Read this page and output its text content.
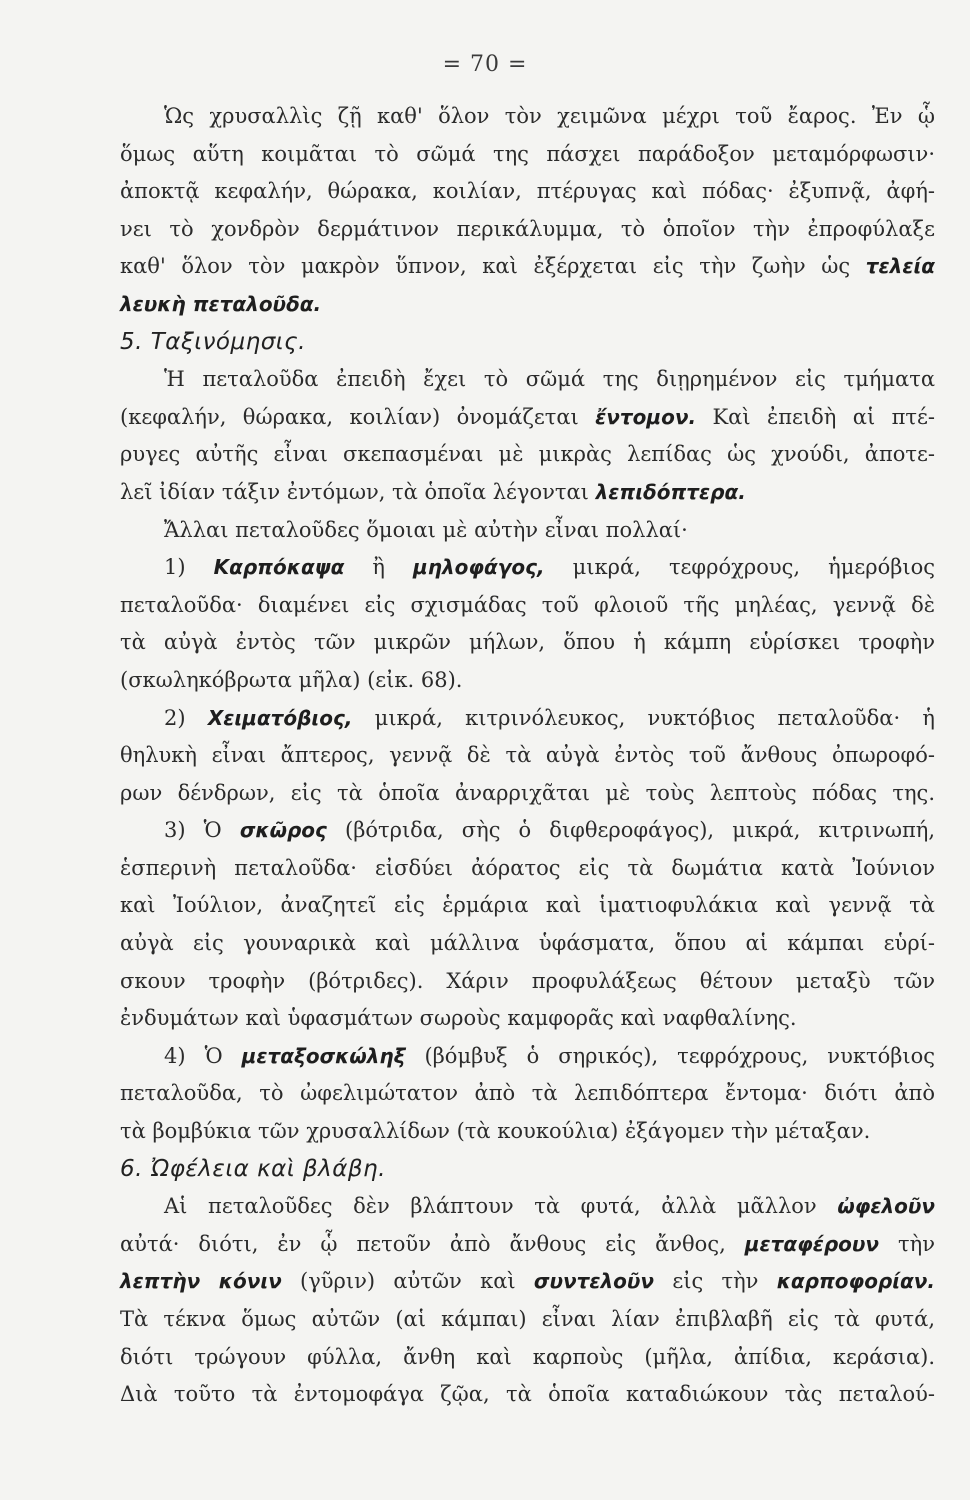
= 70 =
Ὡς χρυσαλλὶς ζῇ καθ' ὅλον τὸν χειμῶνα μέχρι τοῦ ἔαρος. Ἐν ᾧ
ὅμως αὕτη κοιμᾶται τὸ σῶμά της πάσχει παράδοξον μεταμόρφωσιν·
ἀποκτᾷ κεφαλήν, θώρακα, κοιλίαν, πτέρυγας καὶ πόδας· ἐξυπνᾷ, ἀφή-
νει τὸ χονδρὸν δερμάτινον περικάλυμμα, τὸ ὁποῖον τὴν ἐπροφύλαξε
καθ' ὅλον τὸν μακρὸν ὕπνον, καὶ ἐξέρχεται εἰς τὴν ζωὴν ὡς τελεία
λευκὴ πεταλοῦδα.
5. Ταξινόμησις.
Ἡ πεταλοῦδα ἐπειδὴ ἔχει τὸ σῶμά της διῃρημένον εἰς τμήματα
(κεφαλήν, θώρακα, κοιλίαν) ὀνομάζεται ἔντομον. Καὶ ἐπειδὴ αἱ πτέ-
ρυγες αὐτῆς εἶναι σκεπασμέναι μὲ μικρὰς λεπίδας ὡς χνούδι, ἀποτε-
λεῖ ἰδίαν τάξιν ἐντόμων, τὰ ὁποῖα λέγονται λεπιδόπτερα.
Ἄλλαι πεταλοῦδες ὅμοιαι μὲ αὐτὴν εἶναι πολλαί·
1) Καρπόκαψα ἢ μηλοφάγος, μικρά, τεφρόχρους, ἡμερόβιος
πεταλοῦδα· διαμένει εἰς σχισμάδας τοῦ φλοιοῦ τῆς μηλέας, γεννᾷ δὲ
τὰ αὐγὰ ἐντὸς τῶν μικρῶν μήλων, ὅπου ἡ κάμπη εὑρίσκει τροφὴν
(σκωληκόβρωτα μῆλα) (εἰκ. 68).
2) Χειματόβιος, μικρά, κιτρινόλευκος, νυκτόβιος πεταλοῦδα· ἡ
θηλυκὴ εἶναι ἄπτερος, γεννᾷ δὲ τὰ αὐγὰ ἐντὸς τοῦ ἄνθους ὀπωροφό-
ρων δένδρων, εἰς τὰ ὁποῖα ἀναρριχᾶται μὲ τοὺς λεπτοὺς πόδας της.
3) Ὁ σκῶρος (βότριδα, σὴς ὁ διφθεροφάγος), μικρά, κιτρινωπή,
ἑσπερινὴ πεταλοῦδα· εἰσδύει ἀόρατος εἰς τὰ δωμάτια κατὰ Ἰούνιον
καὶ Ἰούλιον, ἀναζητεῖ εἰς ἑρμάρια καὶ ἱματιοφυλάκια καὶ γεννᾷ τὰ
αὐγὰ εἰς γουναρικὰ καὶ μάλλινα ὑφάσματα, ὅπου αἱ κάμπαι εὑρί-
σκουν τροφὴν (βότριδες). Χάριν προφυλάξεως θέτουν μεταξὺ τῶν
ἐνδυμάτων καὶ ὑφασμάτων σωροὺς καμφορᾶς καὶ ναφθαλίνης.
4) Ὁ μεταξοσκώληξ (βόμβυξ ὁ σηρικός), τεφρόχρους, νυκτόβιος
πεταλοῦδα, τὸ ὠφελιμώτατον ἀπὸ τὰ λεπιδόπτερα ἔντομα· διότι ἀπὸ
τὰ βομβύκια τῶν χρυσαλλίδων (τὰ κουκούλια) ἐξάγομεν τὴν μέταξαν.
6. Ὠφέλεια καὶ βλάβη.
Αἱ πεταλοῦδες δὲν βλάπτουν τὰ φυτά, ἀλλὰ μᾶλλον ὠφελοῦν
αὐτά· διότι, ἐν ᾧ πετοῦν ἀπὸ ἄνθους εἰς ἄνθος, μεταφέρουν τὴν
λεπτὴν κόνιν (γῦριν) αὐτῶν καὶ συντελοῦν εἰς τὴν καρποφορίαν.
Τὰ τέκνα ὅμως αὐτῶν (αἱ κάμπαι) εἶναι λίαν ἐπιβλαβῆ εἰς τὰ φυτά,
διότι τρώγουν φύλλα, ἄνθη καὶ καρποὺς (μῆλα, ἀπίδια, κεράσια).
Διὰ τοῦτο τὰ ἐντομοφάγα ζῷα, τὰ ὁποῖα καταδιώκουν τὰς πεταλού-
